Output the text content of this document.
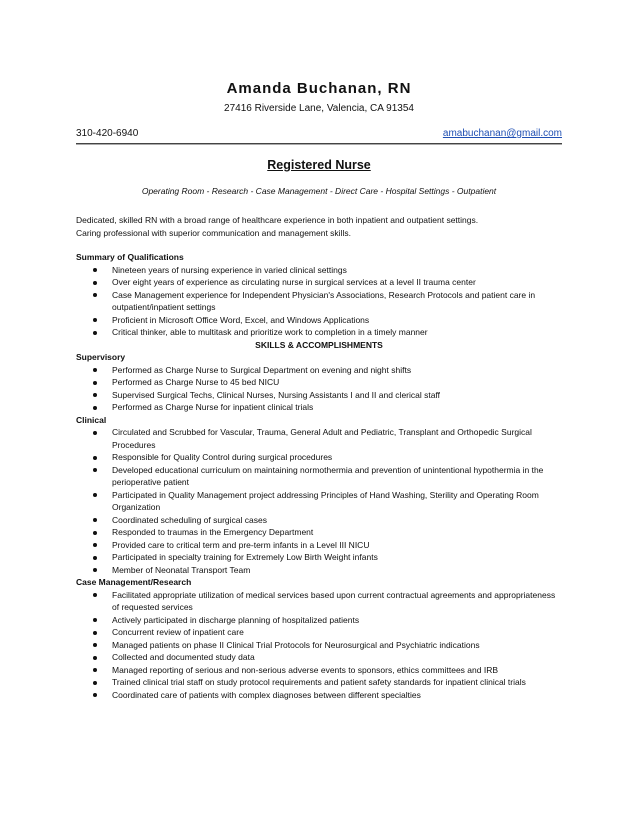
Amanda Buchanan, RN
27416 Riverside Lane, Valencia, CA 91354
310-420-6940	amabuchanan@gmail.com
Registered Nurse
Operating Room - Research - Case Management - Direct Care - Hospital Settings - Outpatient
Dedicated, skilled RN with a broad range of healthcare experience in both inpatient and outpatient settings.
Caring professional with superior communication and management skills.
Summary of Qualifications
Nineteen years of nursing experience in varied clinical settings
Over eight years of experience as circulating nurse in surgical services at a level II trauma center
Case Management experience for Independent Physician's Associations, Research Protocols and patient care in outpatient/inpatient settings
Proficient in Microsoft Office Word, Excel, and Windows Applications
Critical thinker, able to multitask and prioritize work to completion in a timely manner
SKILLS & ACCOMPLISHMENTS
Supervisory
Performed as Charge Nurse to Surgical Department on evening and night shifts
Performed as Charge Nurse to 45 bed NICU
Supervised Surgical Techs, Clinical Nurses, Nursing Assistants I and II and clerical staff
Performed as Charge Nurse for inpatient clinical trials
Clinical
Circulated and Scrubbed for Vascular, Trauma, General Adult and Pediatric, Transplant and Orthopedic Surgical Procedures
Responsible for Quality Control during surgical procedures
Developed educational curriculum on maintaining normothermia and prevention of unintentional hypothermia in the perioperative patient
Participated in Quality Management project addressing Principles of Hand Washing, Sterility and Operating Room Organization
Coordinated scheduling of surgical cases
Responded to traumas in the Emergency Department
Provided care to critical term and pre-term infants in a Level III NICU
Participated in specialty training for Extremely Low Birth Weight infants
Member of Neonatal Transport Team
Case Management/Research
Facilitated appropriate utilization of medical services based upon current contractual agreements and appropriateness of requested services
Actively participated in discharge planning of hospitalized patients
Concurrent review of inpatient care
Managed patients on phase II Clinical Trial Protocols for Neurosurgical and Psychiatric indications
Collected and documented study data
Managed reporting of serious and non-serious adverse events to sponsors, ethics committees and IRB
Trained clinical trial staff on study protocol requirements and patient safety standards for inpatient clinical trials
Coordinated care of patients with complex diagnoses between different specialties
